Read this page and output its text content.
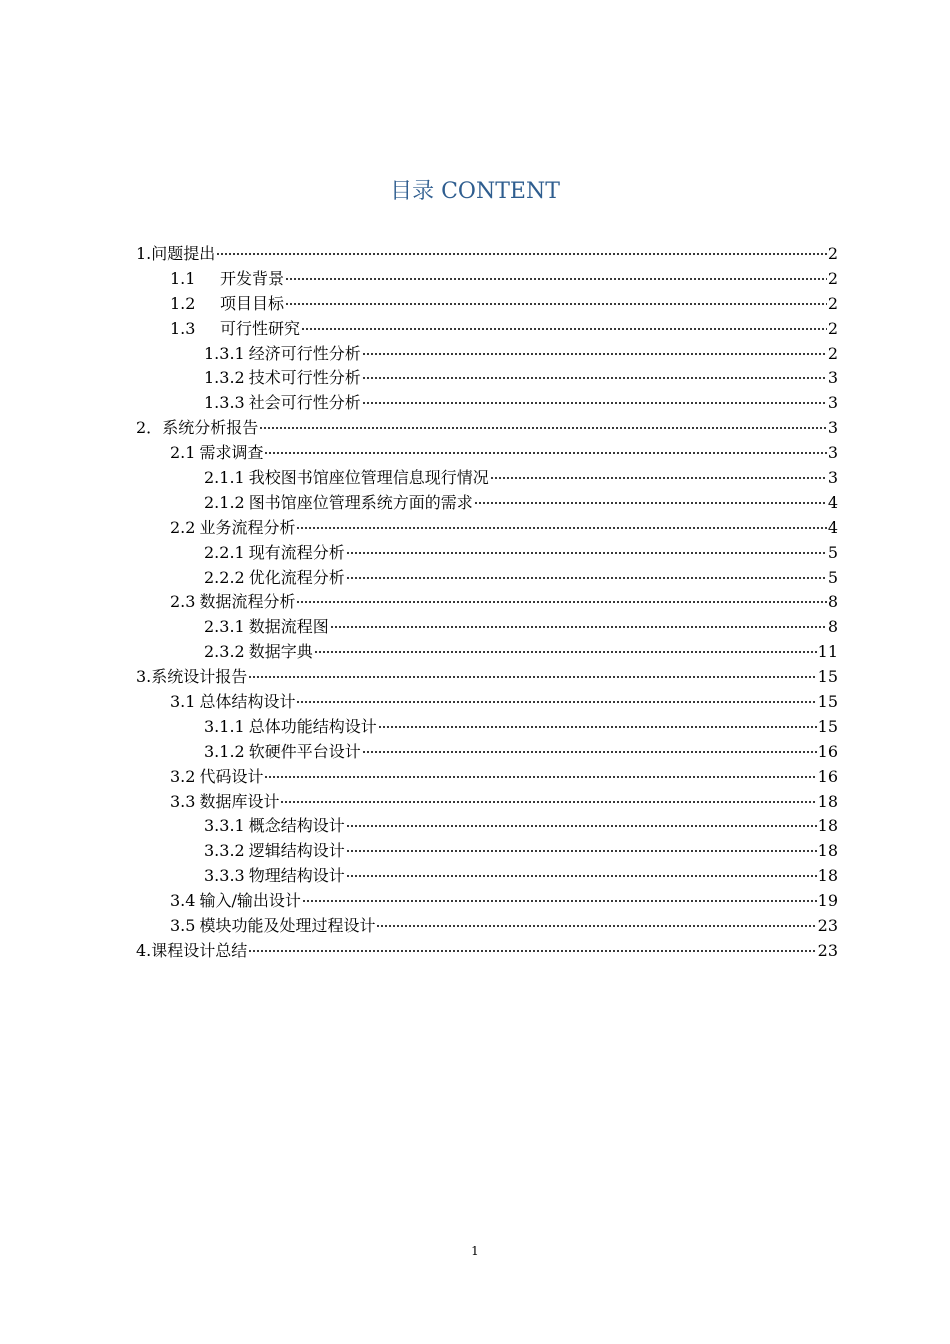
目录 CONTENT
1. 问题提出	2
1.1	开发背景	2
1.2	项目目标	2
1.3	可行性研究	2
1.3.1 经济可行性分析	2
1.3.2 技术可行性分析	3
1.3.3 社会可行性分析	3
2． 系统分析报告	3
2.1 需求调查	3
2.1.1 我校图书馆座位管理信息现行情况	3
2.1.2 图书馆座位管理系统方面的需求	4
2.2 业务流程分析	4
2.2.1 现有流程分析	5
2.2.2 优化流程分析	5
2.3 数据流程分析	8
2.3.1 数据流程图	8
2.3.2 数据字典	11
3. 系统设计报告	15
3.1 总体结构设计	15
3.1.1 总体功能结构设计	15
3.1.2 软硬件平台设计	16
3.2 代码设计	16
3.3 数据库设计	18
3.3.1 概念结构设计	18
3.3.2 逻辑结构设计	18
3.3.3 物理结构设计	18
3.4 输入/输出设计	19
3.5 模块功能及处理过程设计	23
4. 课程设计总结	23
1
